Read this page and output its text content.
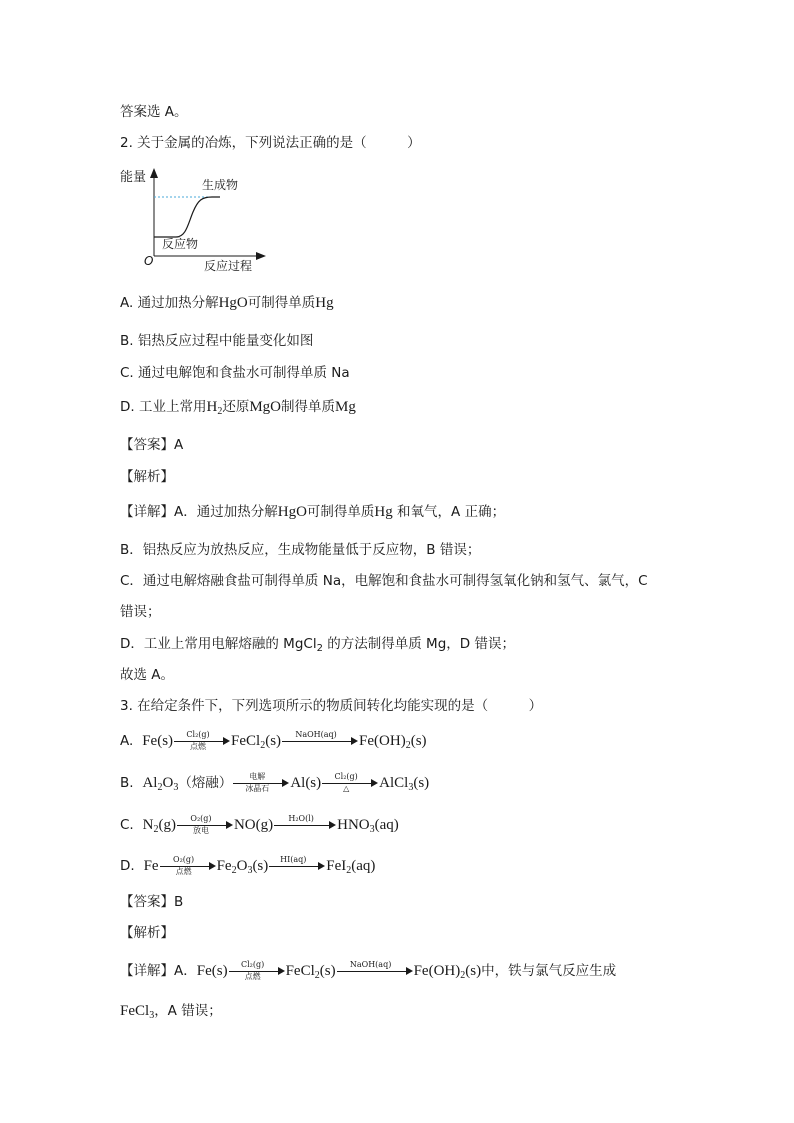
答案选 A。
2. 关于金属的冶炼，下列说法正确的是（　　　）
能量	生成物
反应物
O	反应过程
A. 通过加热分解HgO可制得单质Hg
B. 铝热反应过程中能量变化如图
C. 通过电解饱和食盐水可制得单质 Na
D. 工业上常用$H_2$还原MgO制得单质Mg
【答案】A
【解析】
【详解】A．通过加热分解HgO可制得单质Hg 和氧气，A 正确；
B．铝热反应为放热反应，生成物能量低于反应物，B 错误；
C．通过电解熔融食盐可制得单质 Na，电解饱和食盐水可制得氢氧化钠和氢气、氯气，C
错误；
D．工业上常用电解熔融的 MgCl$_2$ 的方法制得单质 Mg，D 错误；
故选 A。
3. 在给定条件下，下列选项所示的物质间转化均能实现的是（　　　）
A. Fe(s)	Cl₂(g)
点燃	FeCl$_2$(s)	NaOH(aq)	$Fe(OH)_2(s)$
B. $Al_2O_3$（熔融）	电解
冰晶石	Al(s)	Cl₂(g)
△	AlCl$_3$(s)
C. $N_2(g)$	O₂(g)
放电	NO(g)	H₂O(l)	$HNO_3(aq)$
D. Fe	O₂(g)
点燃	$Fe_2O_3(s)$	HI(aq)	FeI$_2$(aq)
【答案】B
【解析】
【详解】A．Fe(s)	Cl₂(g)
点燃	FeCl$_2$(s)	NaOH(aq)	$Fe(OH)_2(s)$中，铁与氯气反应生成
FeCl$_3$，A 错误；
